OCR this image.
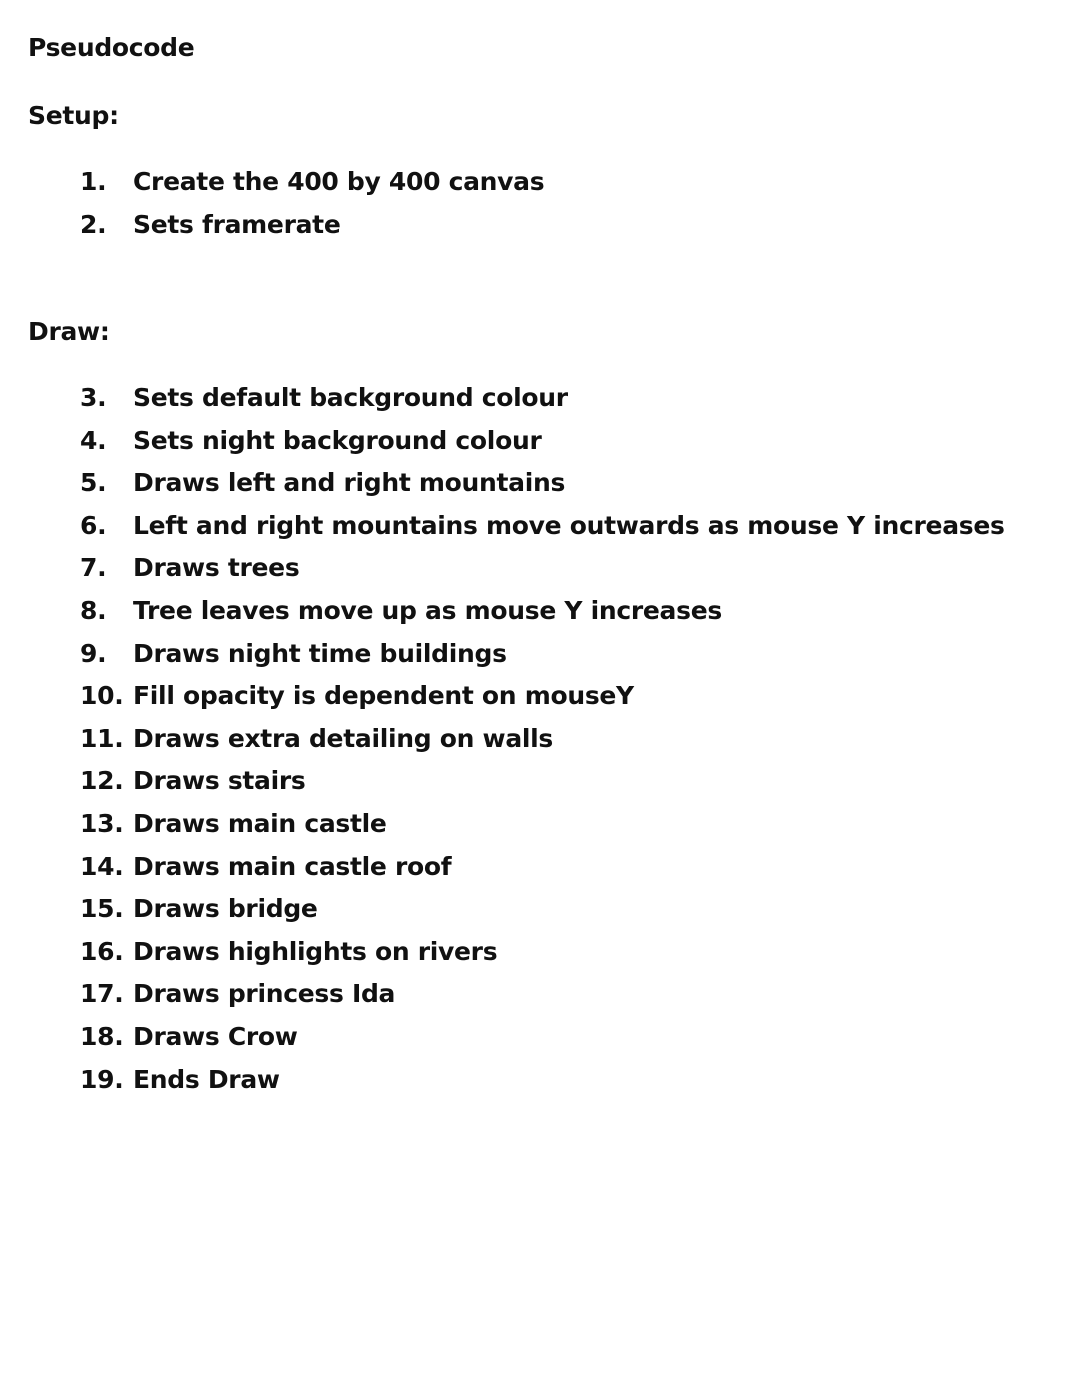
Pseudocode
Setup:
1.	Create the 400 by 400 canvas
2.	Sets framerate
Draw:
3.	Sets default background colour
4.	Sets night background colour
5.	Draws left and right mountains
6.	Left and right mountains move outwards as mouse Y increases
7.	Draws trees
8.	Tree leaves move up as mouse Y increases
9.	Draws night time buildings
10. Fill opacity is dependent on mouseY
11. Draws extra detailing on walls
12. Draws stairs
13. Draws main castle
14. Draws main castle roof
15. Draws bridge
16. Draws highlights on rivers
17. Draws princess Ida
18. Draws Crow
19. Ends Draw
